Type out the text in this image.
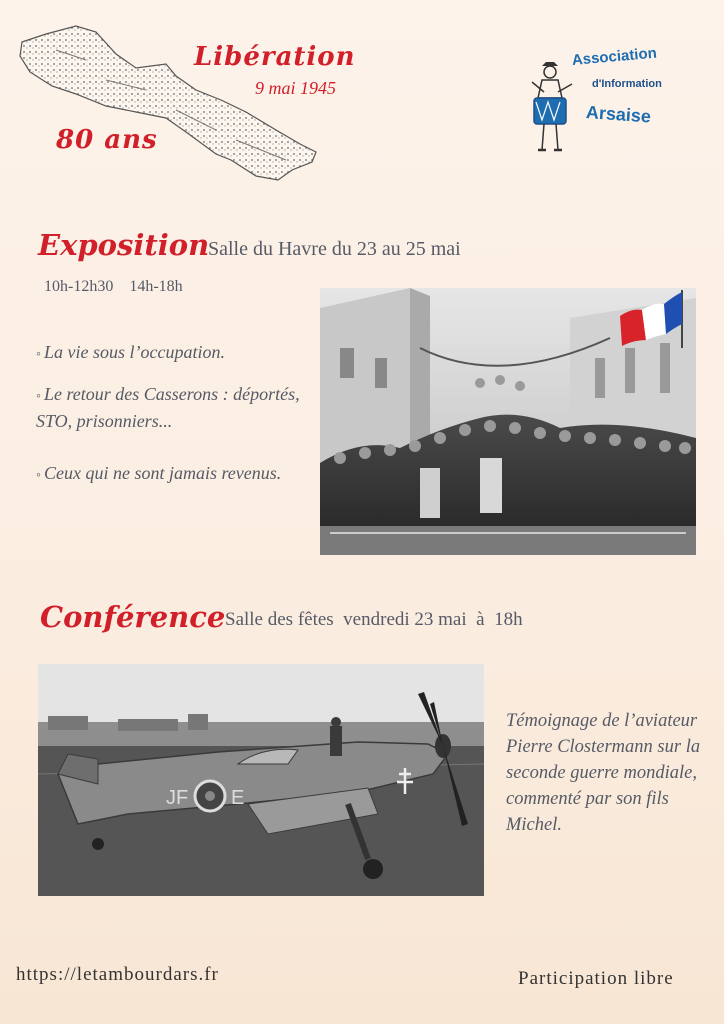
Libération
9 mai 1945
80 ans
Association
d'Information
Arsaise
Exposition
Salle du Havre du 23 au 25 mai
10h-12h30    14h-18h
◦ La vie sous l’occupation.
◦ Le retour des Casserons : déportés, STO, prisonniers...
◦ Ceux qui ne sont jamais revenus.
Conférence Salle des fêtes  vendredi 23 mai  à  18h
JF E
Témoignage de l’aviateur Pierre Clostermann sur la seconde guerre mondiale, commenté par son fils Michel.
https://letambourdars.fr	Participation libre
